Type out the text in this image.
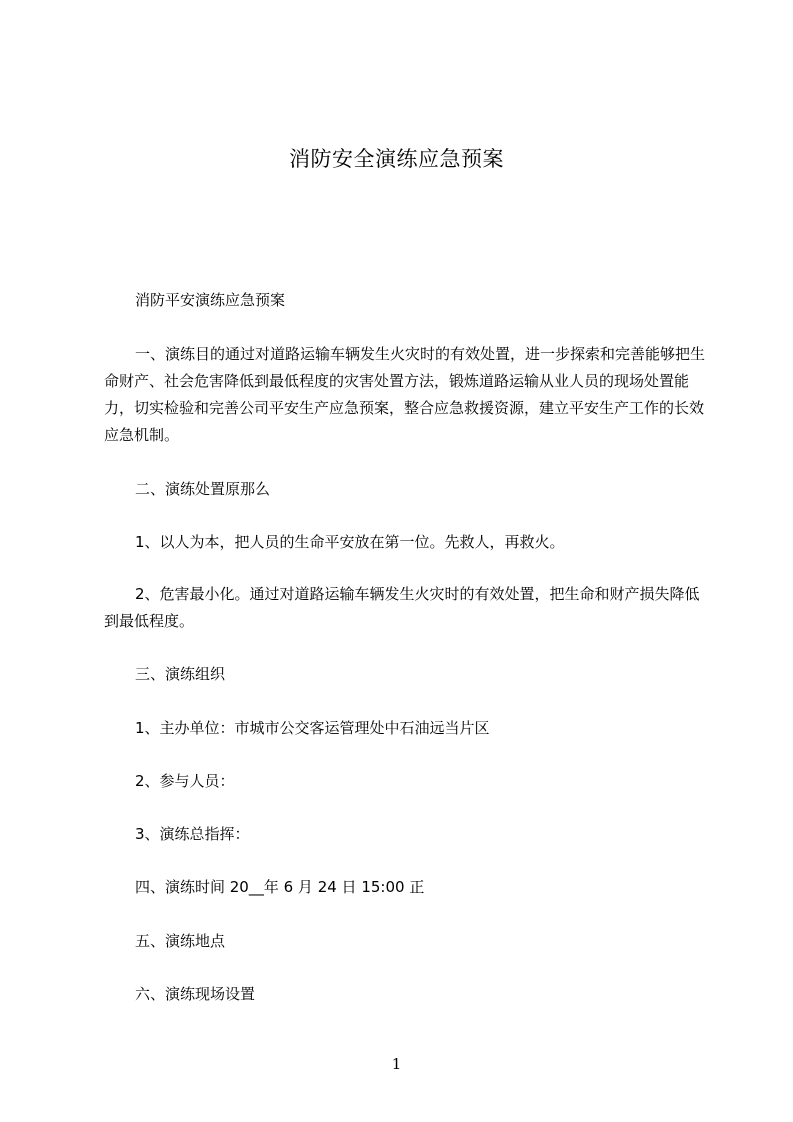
消防安全演练应急预案

消防平安演练应急预案

一、演练目的通过对道路运输车辆发生火灾时的有效处置，进一步探索和完善能够把生命财产、社会危害降低到最低程度的灾害处置方法，锻炼道路运输从业人员的现场处置能力，切实检验和完善公司平安生产应急预案，整合应急救援资源，建立平安生产工作的长效应急机制。

二、演练处置原那么

1、以人为本，把人员的生命平安放在第一位。先救人，再救火。

2、危害最小化。通过对道路运输车辆发生火灾时的有效处置，把生命和财产损失降低到最低程度。

三、演练组织

1、主办单位：市城市公交客运管理处中石油远当片区

2、参与人员：

3、演练总指挥：

四、演练时间 20__年 6 月 24 日 15:00 正

五、演练地点

六、演练现场设置

1
